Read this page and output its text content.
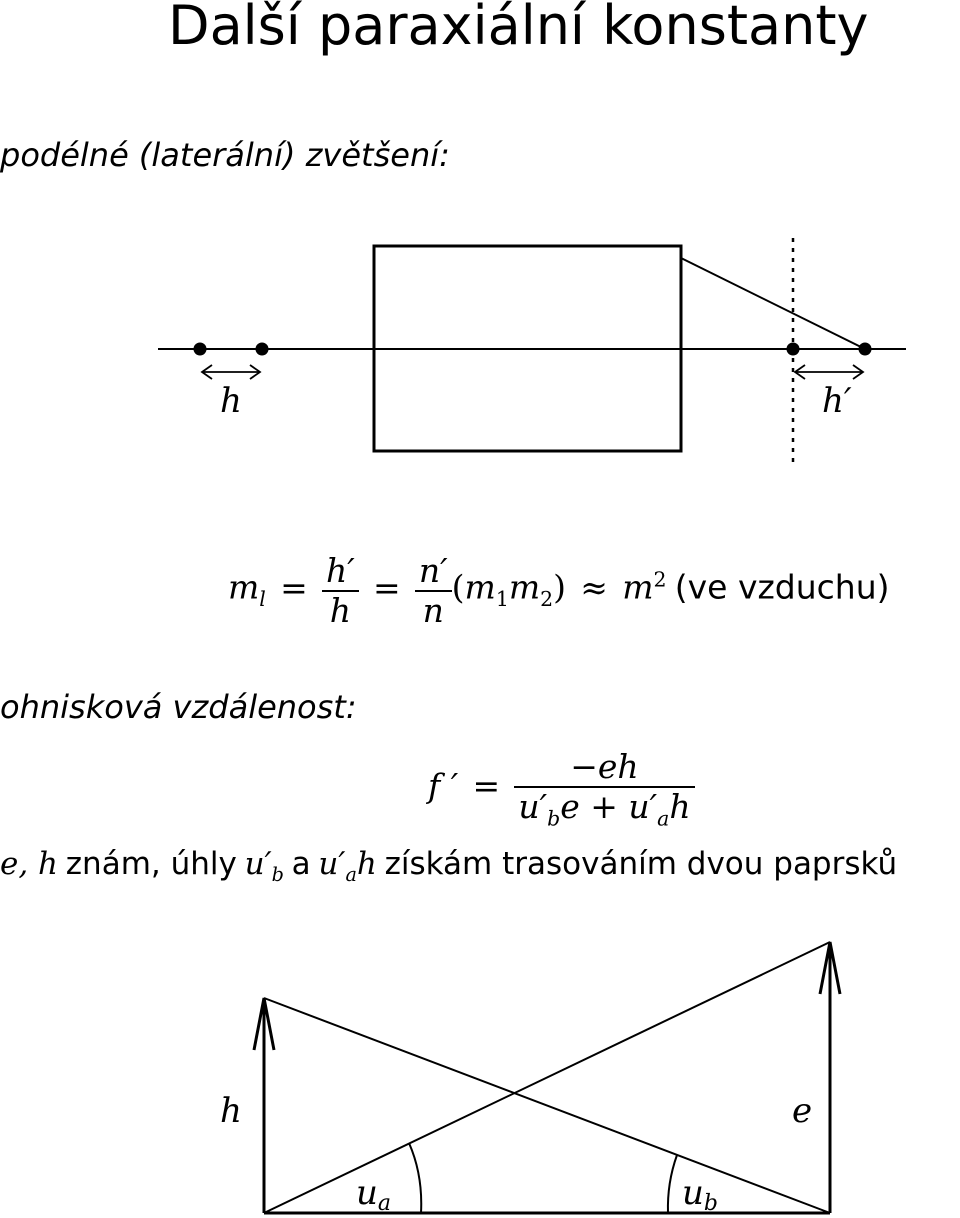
Další paraxiální konstanty
podélné (laterální) zvětšení:
h	h′
$m_l = \frac{h'}{h} = \frac{n'}{n} (m_1m_2) \approx m^2$ (ve vzduchu)
ohnisková vzdálenost:
f ′ = $\frac{-eh}{u'_be + u'_ah}$
e, h znám, úhly $u'_b$ a $u'_ah$ získám trasováním dvou paprsků
h	e
ua	ub
